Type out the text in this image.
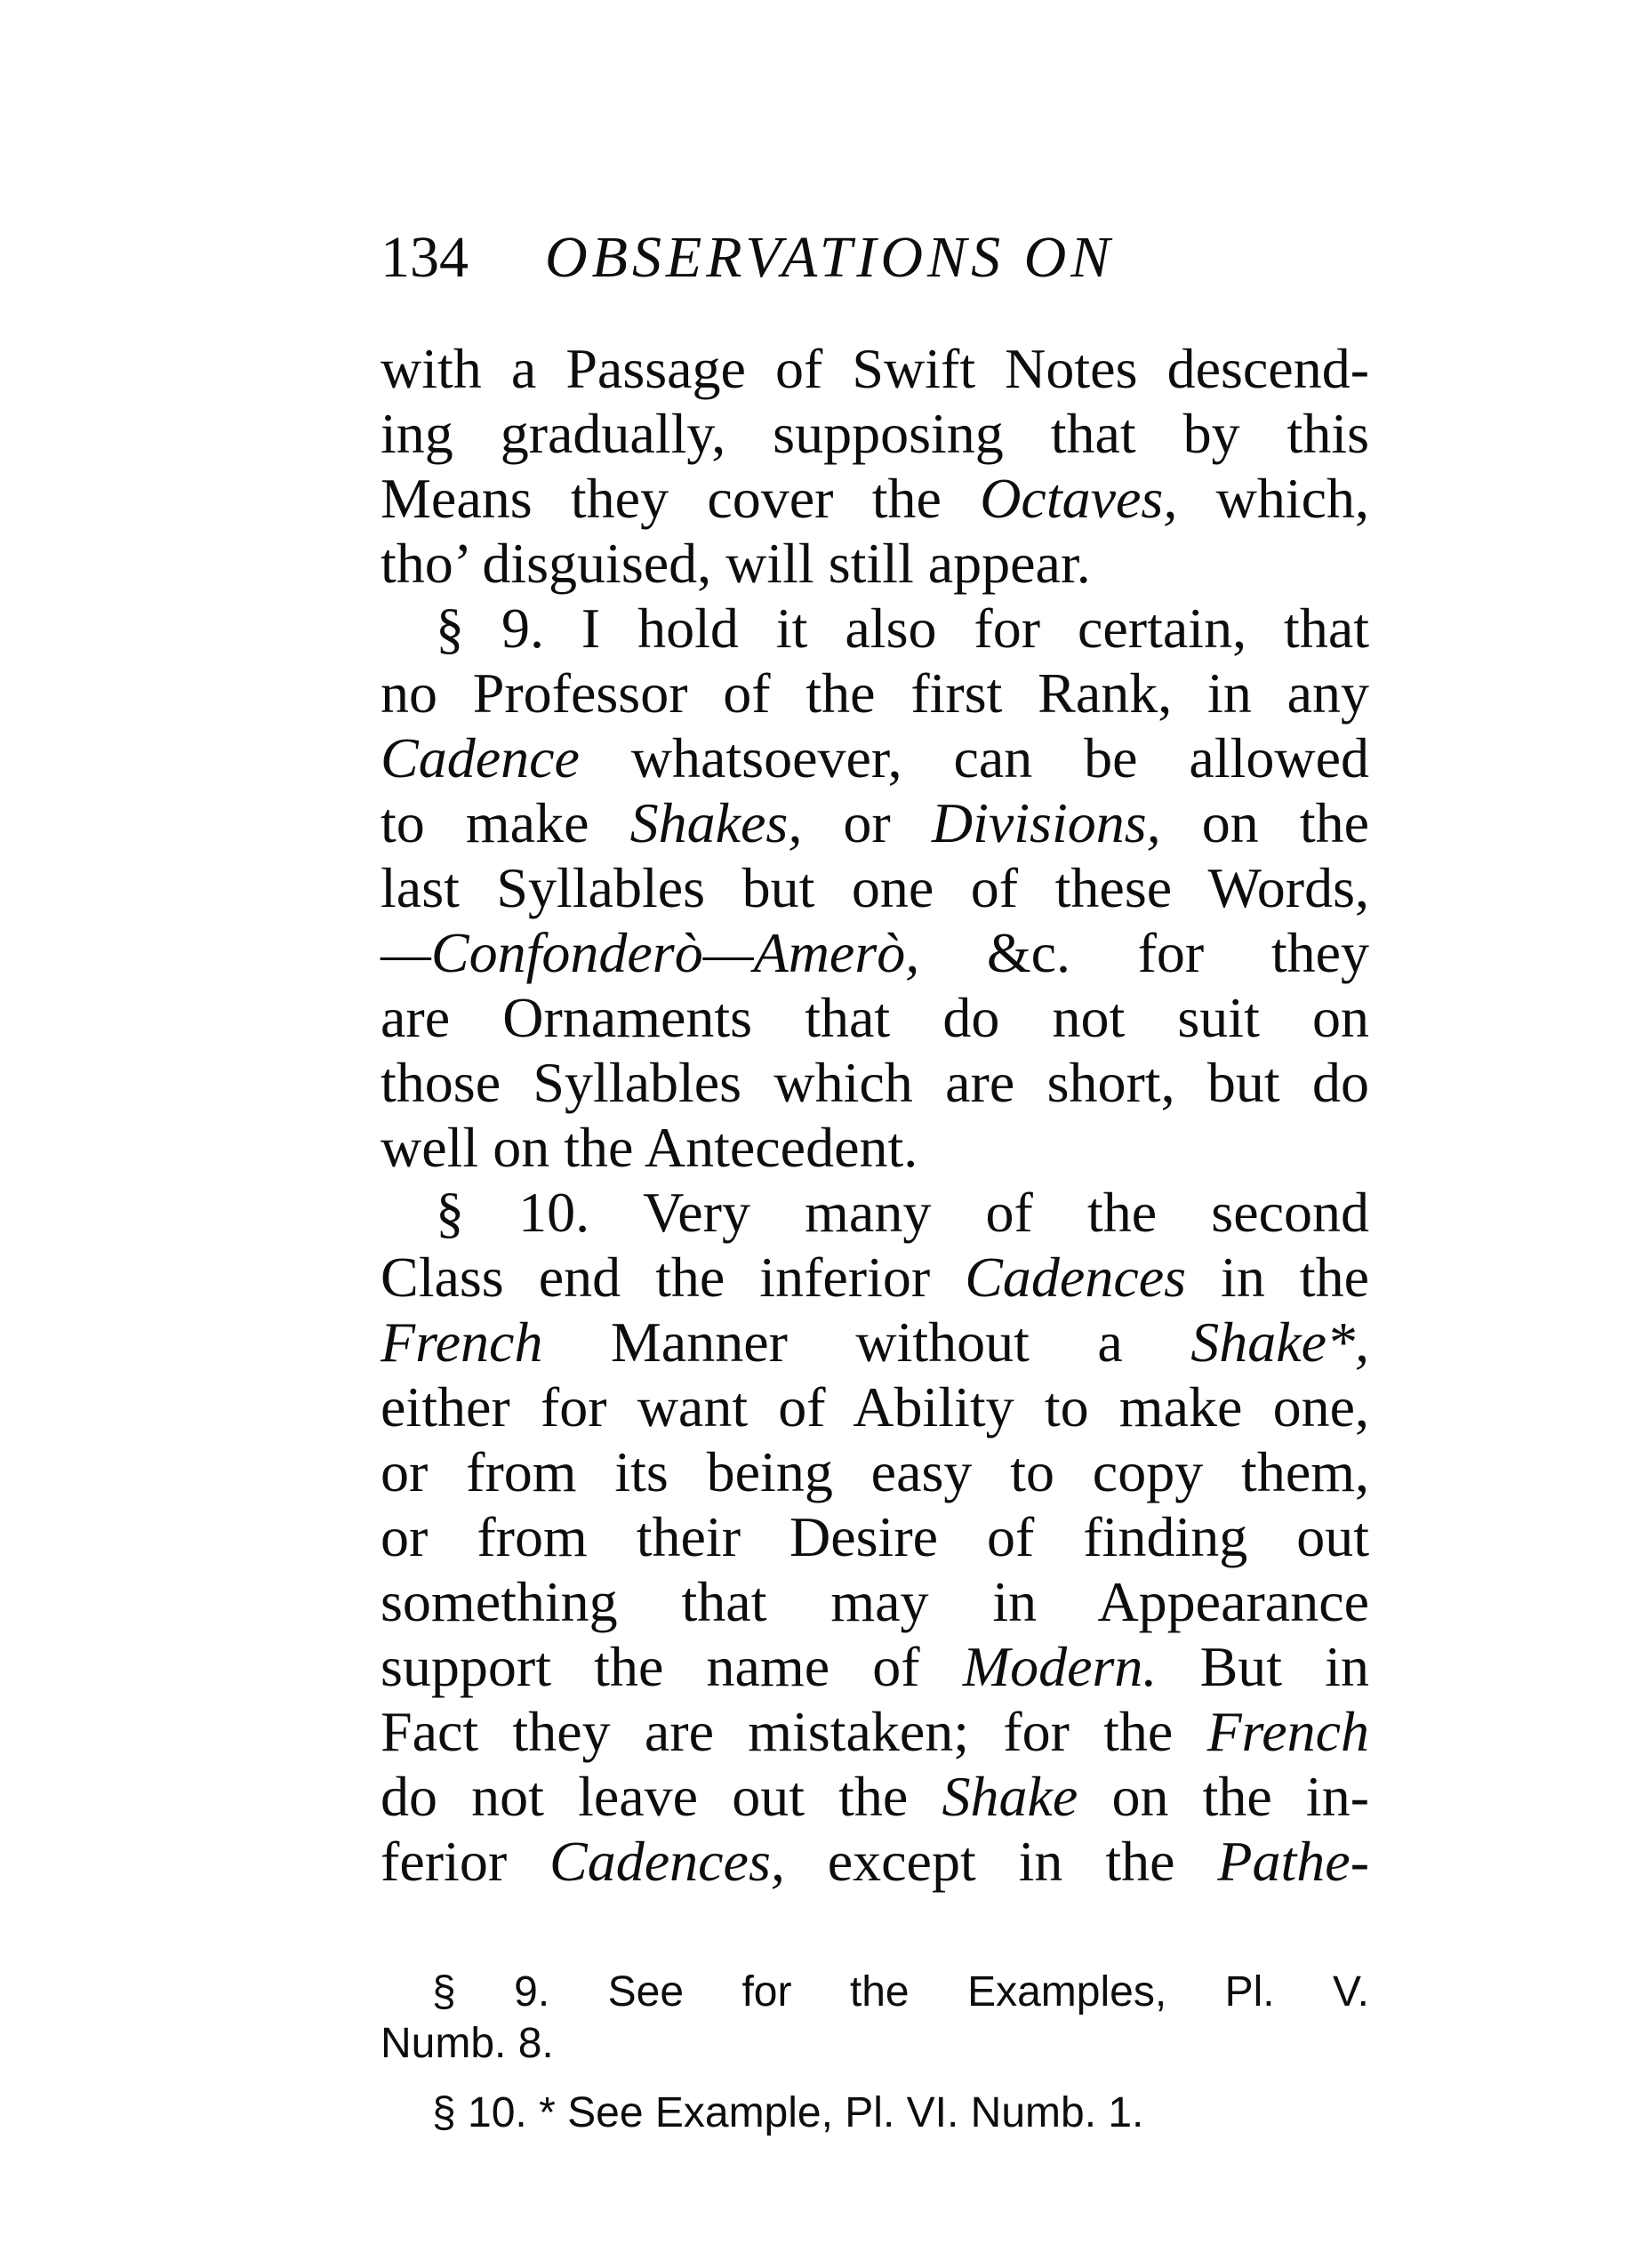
134 OBSERVATIONS ON
with a Passage of Swift Notes descend-
ing gradually, supposing that by this
Means they cover the Octaves, which,
tho’ disguised, will still appear.
§ 9. I hold it also for certain, that
no Professor of the first Rank, in any
Cadence whatsoever, can be allowed
to make Shakes, or Divisions, on the
last Syllables but one of these Words,
—Confonderò—Amerò, &c. for they
are Ornaments that do not suit on
those Syllables which are short, but do
well on the Antecedent.
§ 10. Very many of the second
Class end the inferior Cadences in the
French Manner without a Shake*,
either for want of Ability to make one,
or from its being easy to copy them,
or from their Desire of finding out
something that may in Appearance
support the name of Modern. But in
Fact they are mistaken; for the French
do not leave out the Shake on the in-
ferior Cadences, except in the Pathe-
§ 9. See for the Examples, Pl. V.
Numb. 8.
§ 10. * See Example, Pl. VI. Numb. 1.
